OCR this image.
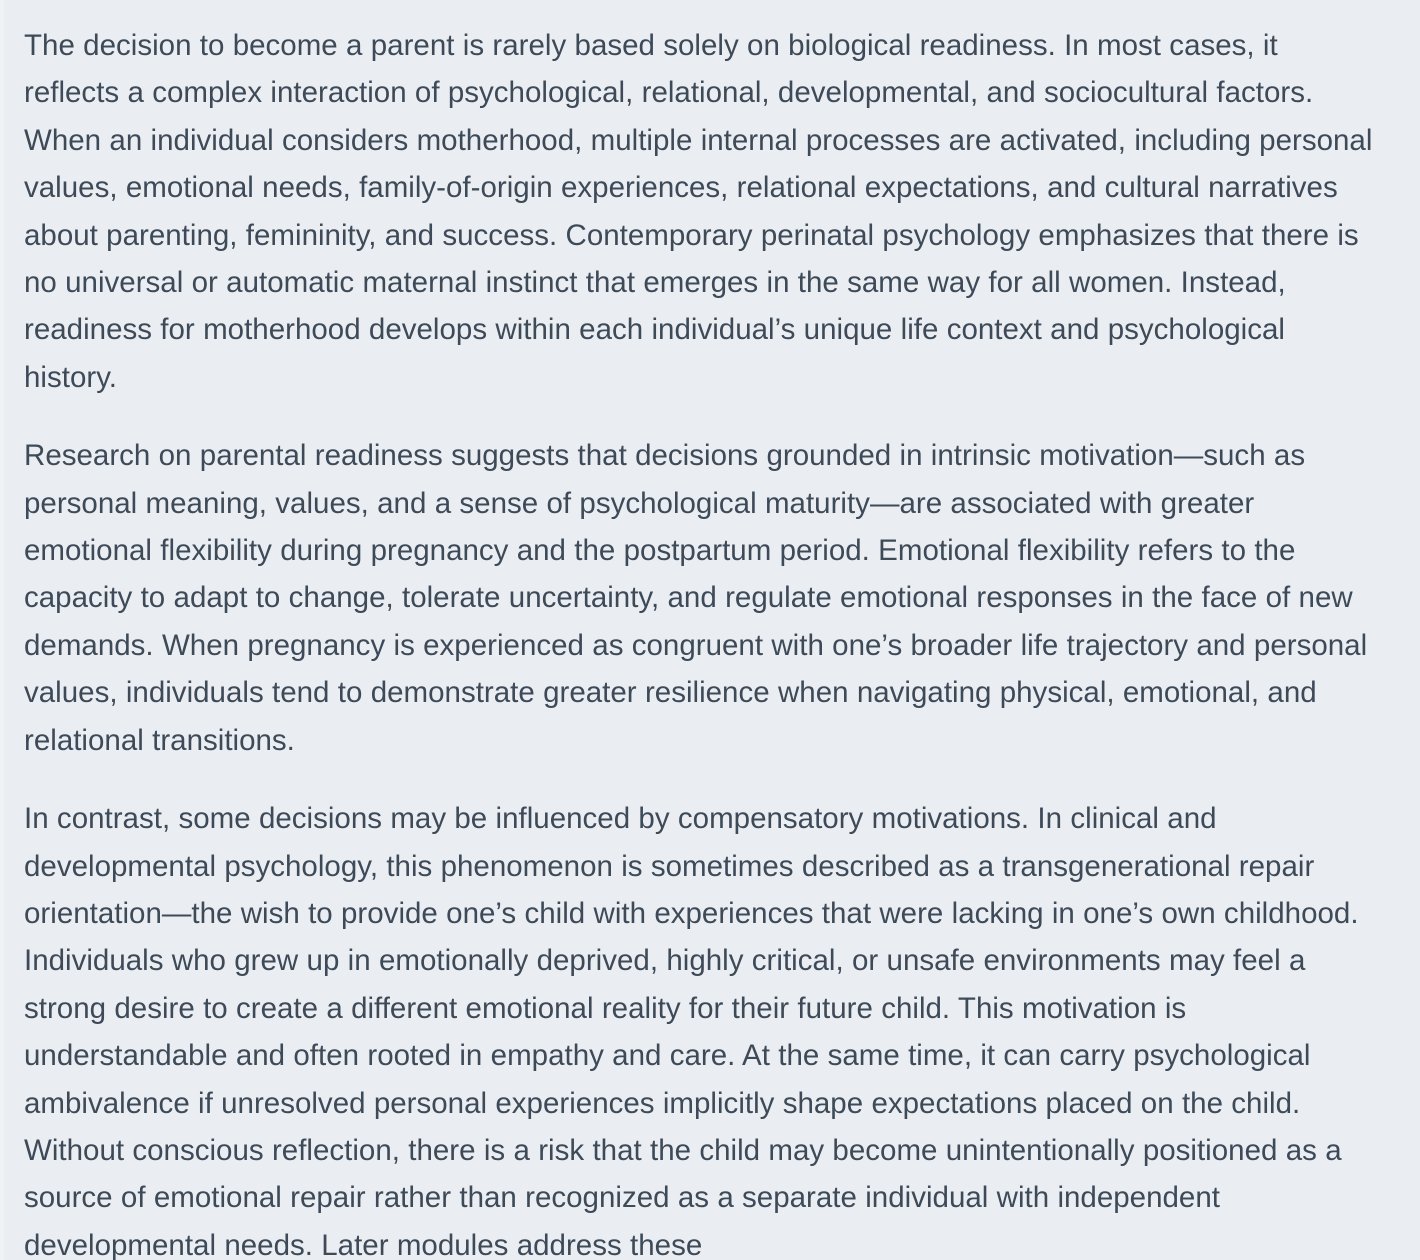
The decision to become a parent is rarely based solely on biological readiness. In most cases, it reflects a complex interaction of psychological, relational, developmental, and sociocultural factors. When an individual considers motherhood, multiple internal processes are activated, including personal values, emotional needs, family-of-origin experiences, relational expectations, and cultural narratives about parenting, femininity, and success. Contemporary perinatal psychology emphasizes that there is no universal or automatic maternal instinct that emerges in the same way for all women. Instead, readiness for motherhood develops within each individual’s unique life context and psychological history.

Research on parental readiness suggests that decisions grounded in intrinsic motivation—such as personal meaning, values, and a sense of psychological maturity—are associated with greater emotional flexibility during pregnancy and the postpartum period. Emotional flexibility refers to the capacity to adapt to change, tolerate uncertainty, and regulate emotional responses in the face of new demands. When pregnancy is experienced as congruent with one’s broader life trajectory and personal values, individuals tend to demonstrate greater resilience when navigating physical, emotional, and relational transitions.

In contrast, some decisions may be influenced by compensatory motivations. In clinical and developmental psychology, this phenomenon is sometimes described as a transgenerational repair orientation—the wish to provide one’s child with experiences that were lacking in one’s own childhood. Individuals who grew up in emotionally deprived, highly critical, or unsafe environments may feel a strong desire to create a different emotional reality for their future child. This motivation is understandable and often rooted in empathy and care. At the same time, it can carry psychological ambivalence if unresolved personal experiences implicitly shape expectations placed on the child. Without conscious reflection, there is a risk that the child may become unintentionally positioned as a source of emotional repair rather than recognized as a separate individual with independent developmental needs. Later modules address these
